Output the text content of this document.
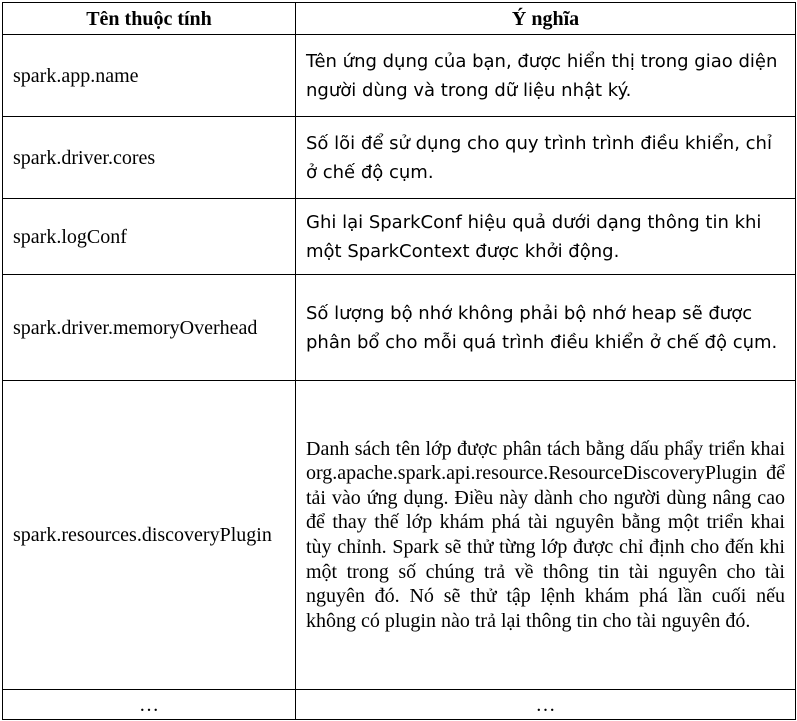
Tên thuộc tính	Ý nghĩa
spark.app.name	Tên ứng dụng của bạn, được hiển thị trong giao diện người dùng và trong dữ liệu nhật ký.
spark.driver.cores	Số lõi để sử dụng cho quy trình trình điều khiển, chỉ ở chế độ cụm.
spark.logConf	Ghi lại SparkConf hiệu quả dưới dạng thông tin khi một SparkContext được khởi động.
spark.driver.memoryOverhead	Số lượng bộ nhớ không phải bộ nhớ heap sẽ được phân bổ cho mỗi quá trình điều khiển ở chế độ cụm.
spark.resources.discoveryPlugin	Danh sách tên lớp được phân tách bằng dấu phẩy triển khai org.apache.spark.api.resource.ResourceDiscoveryPlugin để tải vào ứng dụng. Điều này dành cho người dùng nâng cao để thay thế lớp khám phá tài nguyên bằng một triển khai tùy chỉnh. Spark sẽ thử từng lớp được chỉ định cho đến khi một trong số chúng trả về thông tin tài nguyên cho tài nguyên đó. Nó sẽ thử tập lệnh khám phá lần cuối nếu không có plugin nào trả lại thông tin cho tài nguyên đó.
…	…
